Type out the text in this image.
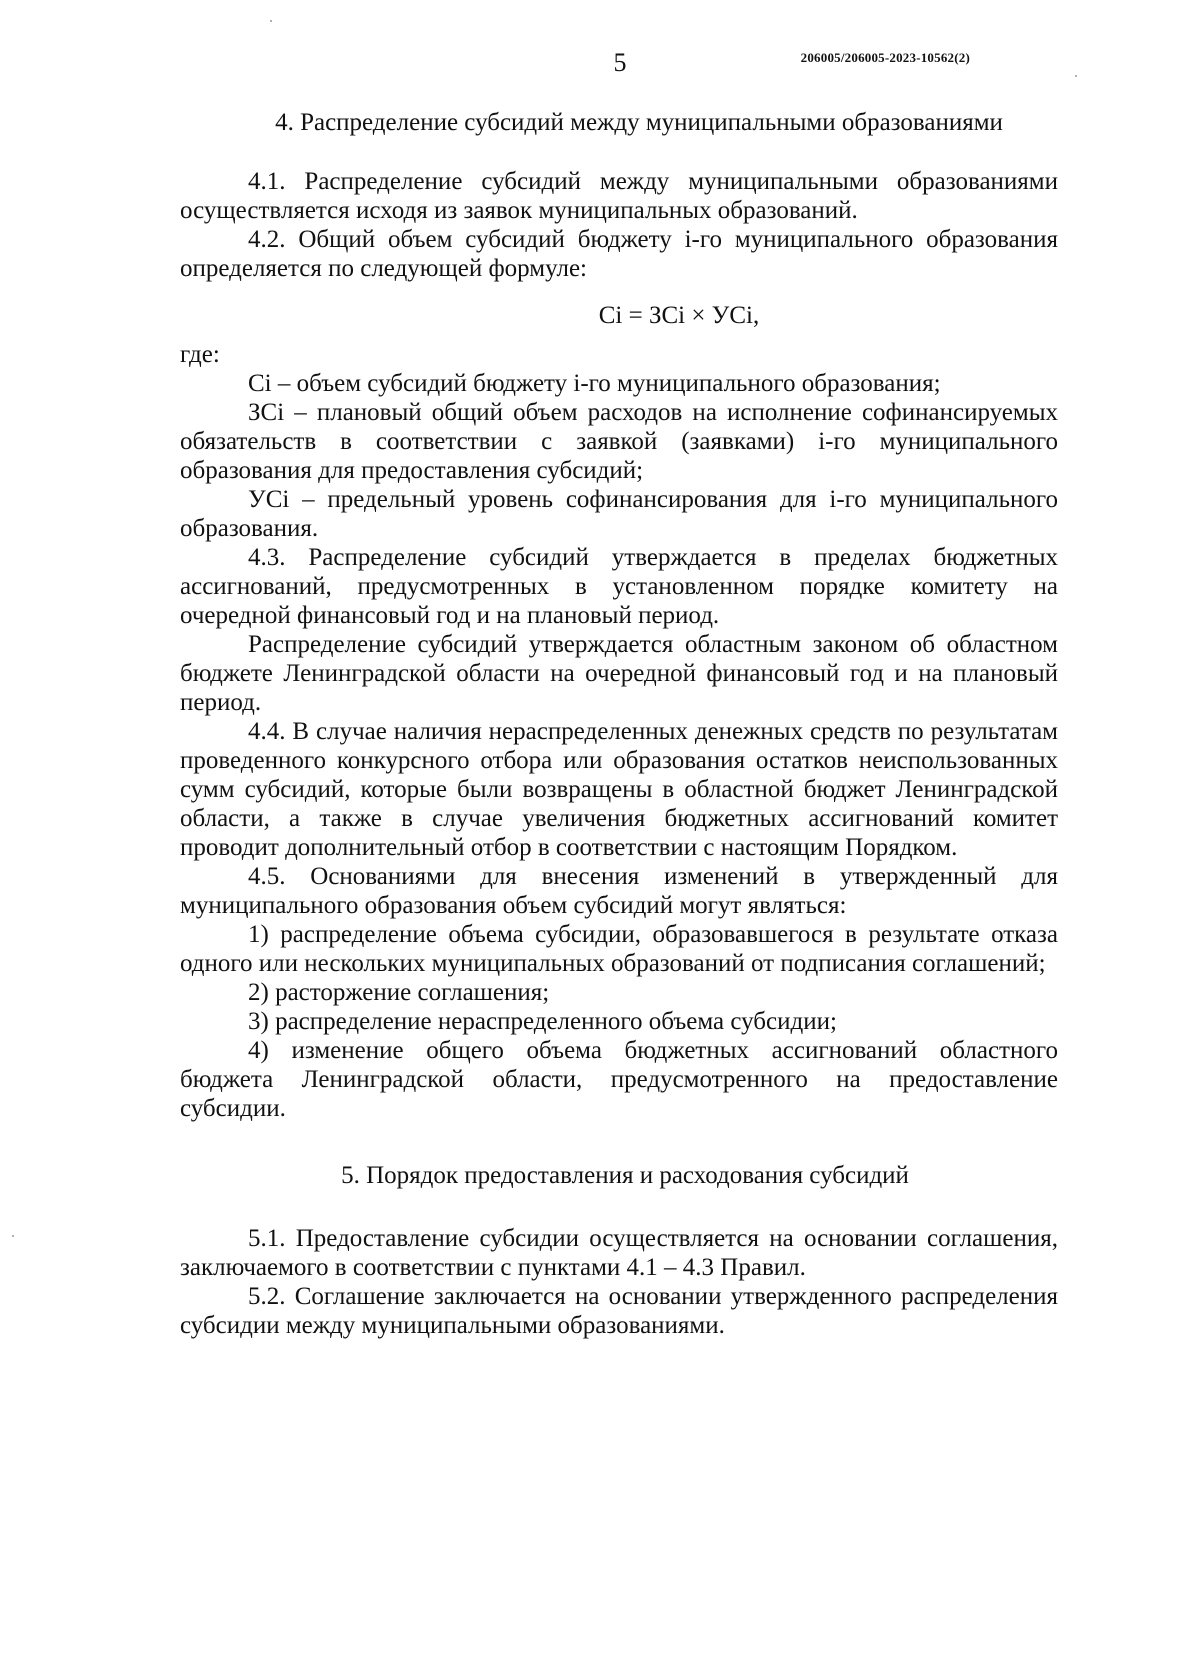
5	206005/206005-2023-10562(2)

4. Распределение субсидий между муниципальными образованиями

4.1. Распределение субсидий между муниципальными образованиями осуществляется исходя из заявок муниципальных образований.

4.2. Общий объем субсидий бюджету i-го муниципального образования определяется по следующей формуле:

Ci = ЗCi × УCi,

где:

Ci – объем субсидий бюджету i-го муниципального образования;

ЗCi – плановый общий объем расходов на исполнение софинансируемых обязательств в соответствии с заявкой (заявками) i-го муниципального образования для предоставления субсидий;

УCi – предельный уровень софинансирования для i-го муниципального образования.

4.3. Распределение субсидий утверждается в пределах бюджетных ассигнований, предусмотренных в установленном порядке комитету на очередной финансовый год и на плановый период.

Распределение субсидий утверждается областным законом об областном бюджете Ленинградской области на очередной финансовый год и на плановый период.

4.4. В случае наличия нераспределенных денежных средств по результатам проведенного конкурсного отбора или образования остатков неиспользованных сумм субсидий, которые были возвращены в областной бюджет Ленинградской области, а также в случае увеличения бюджетных ассигнований комитет проводит дополнительный отбор в соответствии с настоящим Порядком.

4.5. Основаниями для внесения изменений в утвержденный для муниципального образования объем субсидий могут являться:

1) распределение объема субсидии, образовавшегося в результате отказа одного или нескольких муниципальных образований от подписания соглашений;

2) расторжение соглашения;

3) распределение нераспределенного объема субсидии;

4) изменение общего объема бюджетных ассигнований областного бюджета Ленинградской области, предусмотренного на предоставление субсидии.

5. Порядок предоставления и расходования субсидий

5.1. Предоставление субсидии осуществляется на основании соглашения, заключаемого в соответствии с пунктами 4.1 – 4.3 Правил.

5.2. Соглашение заключается на основании утвержденного распределения субсидии между муниципальными образованиями.
